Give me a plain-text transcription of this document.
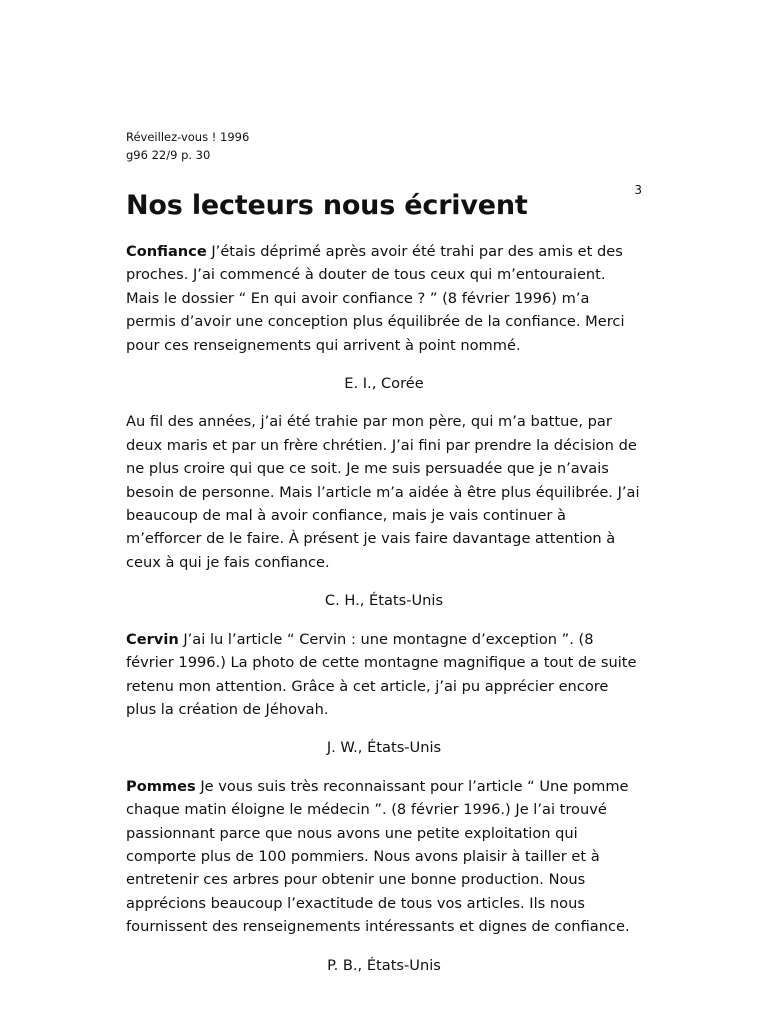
Réveillez-vous ! 1996

g96 22/9 p. 30

3
Nos lecteurs nous écrivent

Confiance J’étais déprimé après avoir été trahi par des amis et des proches. J’ai commencé à douter de tous ceux qui m’entouraient. Mais le dossier “ En qui avoir confiance ? ” (8 février 1996) m’a permis d’avoir une conception plus équilibrée de la confiance. Merci pour ces renseignements qui arrivent à point nommé.

E. I., Corée

Au fil des années, j’ai été trahie par mon père, qui m’a battue, par deux maris et par un frère chrétien. J’ai fini par prendre la décision de ne plus croire qui que ce soit. Je me suis persuadée que je n’avais besoin de personne. Mais l’article m’a aidée à être plus équilibrée. J’ai beaucoup de mal à avoir confiance, mais je vais continuer à m’efforcer de le faire. À présent je vais faire davantage attention à ceux à qui je fais confiance.

C. H., États-Unis

Cervin J’ai lu l’article “ Cervin : une montagne d’exception ”. (8 février 1996.) La photo de cette montagne magnifique a tout de suite retenu mon attention. Grâce à cet article, j’ai pu apprécier encore plus la création de Jéhovah.

J. W., États-Unis

Pommes Je vous suis très reconnaissant pour l’article “ Une pomme chaque matin éloigne le médecin ”. (8 février 1996.) Je l’ai trouvé passionnant parce que nous avons une petite exploitation qui comporte plus de 100 pommiers. Nous avons plaisir à tailler et à entretenir ces arbres pour obtenir une bonne production. Nous apprécions beaucoup l’exactitude de tous vos articles. Ils nous fournissent des renseignements intéressants et dignes de confiance.

P. B., États-Unis
